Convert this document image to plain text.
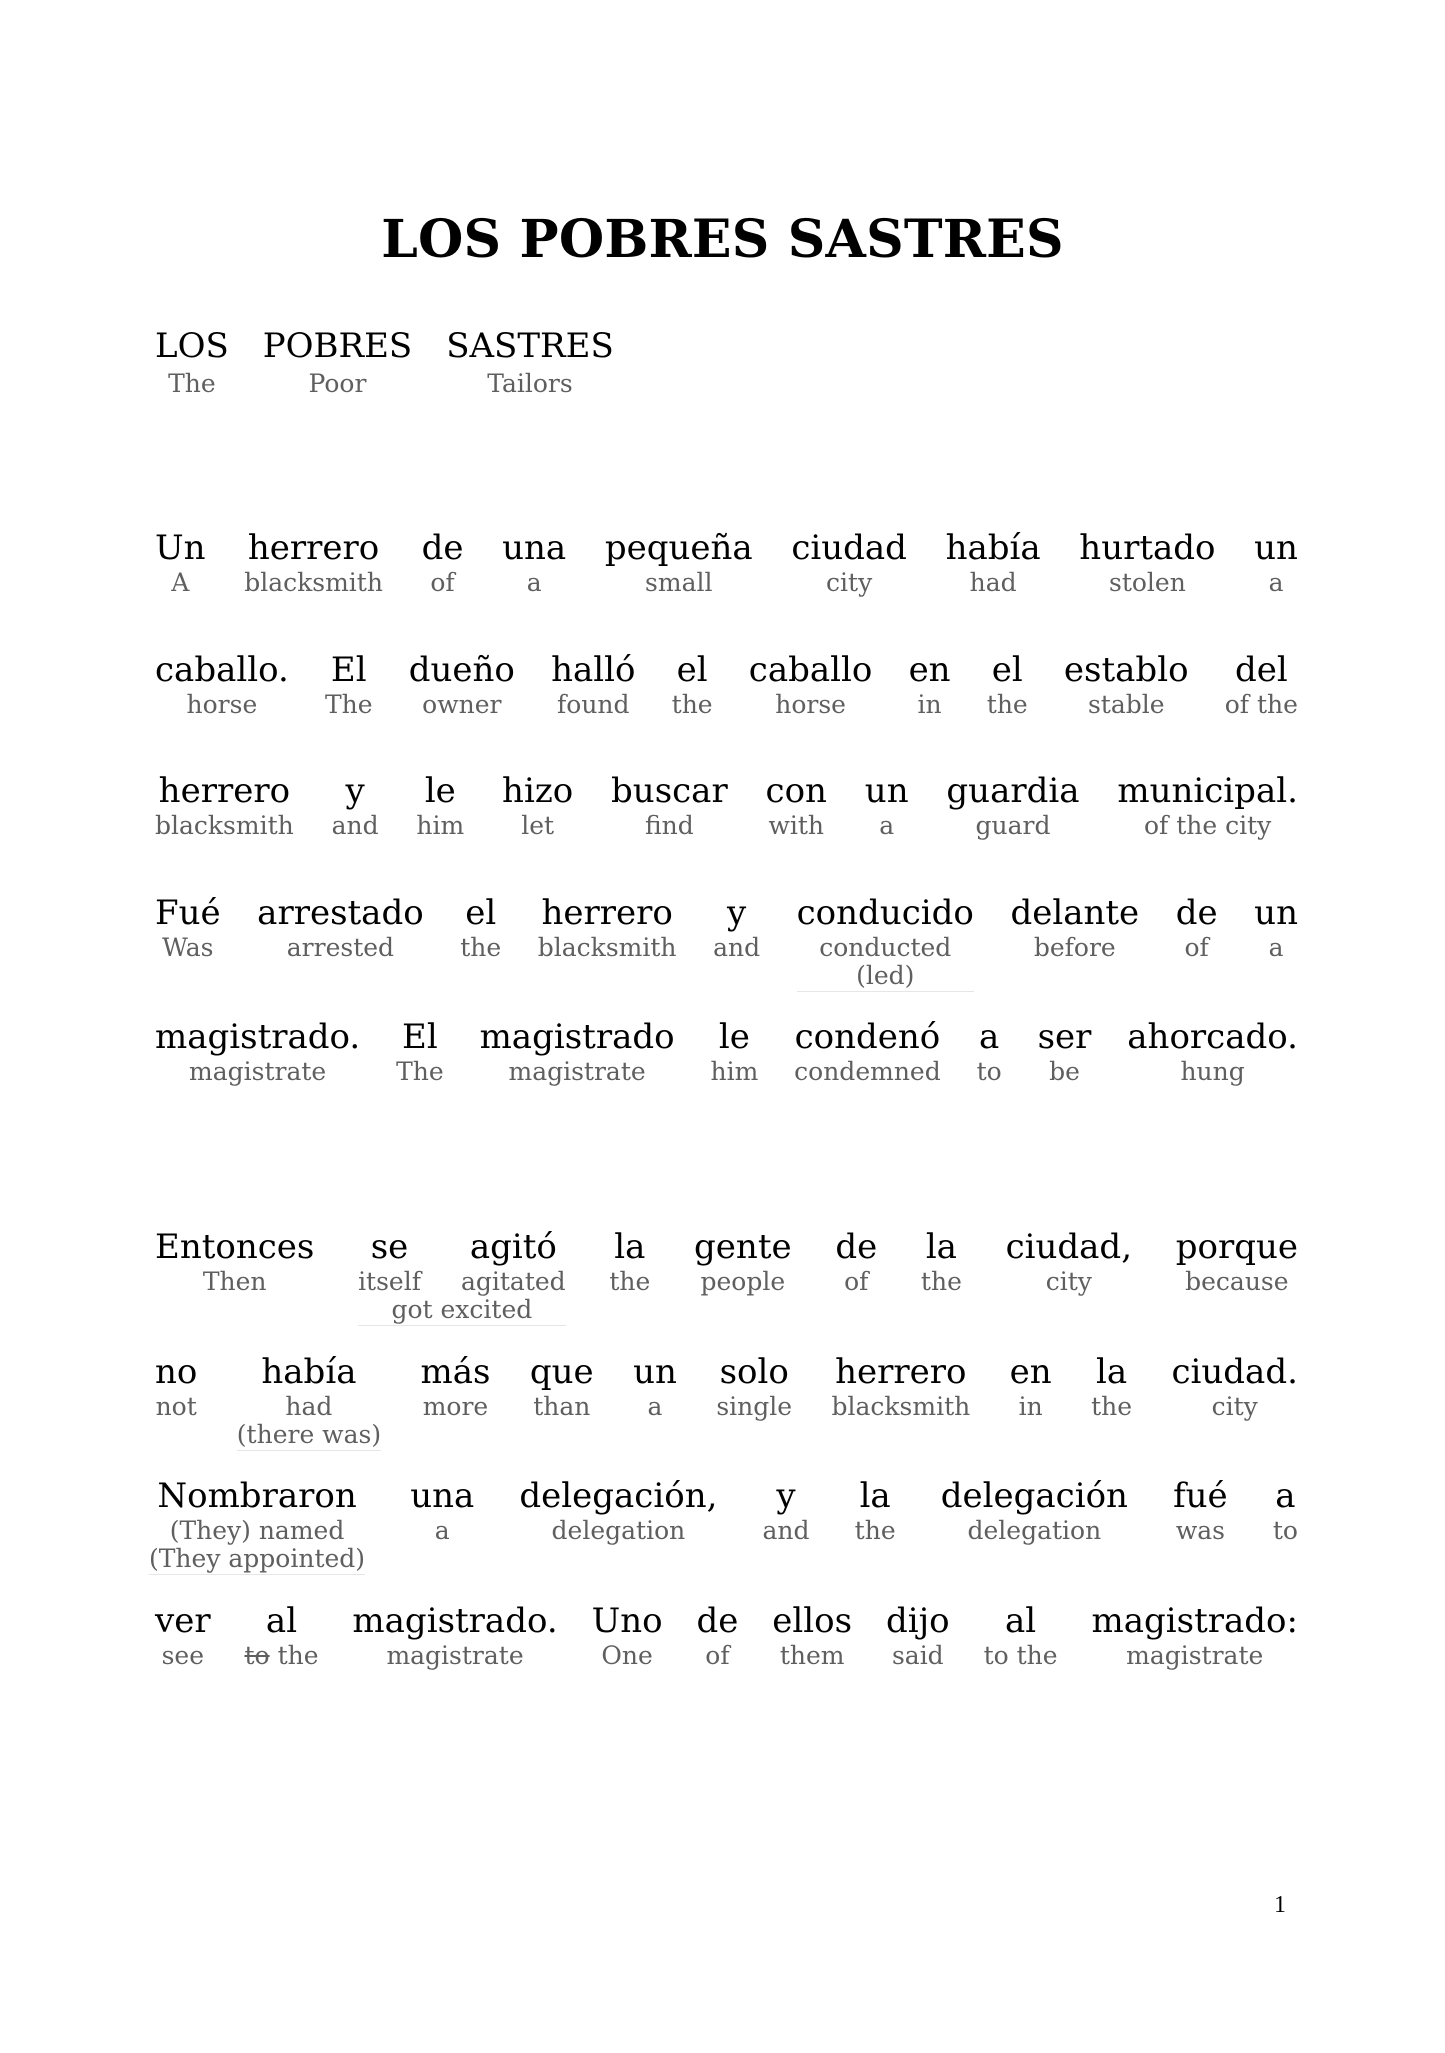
LOS POBRES SASTRES
LOS
The
POBRES
Poor
SASTRES
Tailors
Un
A
herrero
blacksmith
de
of
una
a
pequeña
small
ciudad
city
había
had
hurtado
stolen
un
a
caballo.
horse
El
The
dueño
owner
halló
found
el
the
caballo
horse
en
in
el
the
establo
stable
del
of the
herrero
blacksmith
y
and
le
him
hizo
let
buscar
find
con
with
un
a
guardia
guard
municipal.
of the city
Fué
Was
arrestado
arrested
el
the
herrero
blacksmith
y
and
conducido
conducted
(led)
delante
before
de
of
un
a
magistrado.
magistrate
El
The
magistrado
magistrate
le
him
condenó
condemned
a
to
ser
be
ahorcado.
hung
Entonces
Then
se
itself
agitó
agitated
got excited
la
the
gente
people
de
of
la
the
ciudad,
city
porque
because
no
not
había
had
(there was)
más
more
que
than
un
a
solo
single
herrero
blacksmith
en
in
la
the
ciudad.
city
Nombraron
(They) named
(They appointed)
una
a
delegación,
delegation
y
and
la
the
delegación
delegation
fué
was
a
to
ver
see
al
to the
magistrado.
magistrate
Uno
One
de
of
ellos
them
dijo
said
al
to the
magistrado:
magistrate
1
